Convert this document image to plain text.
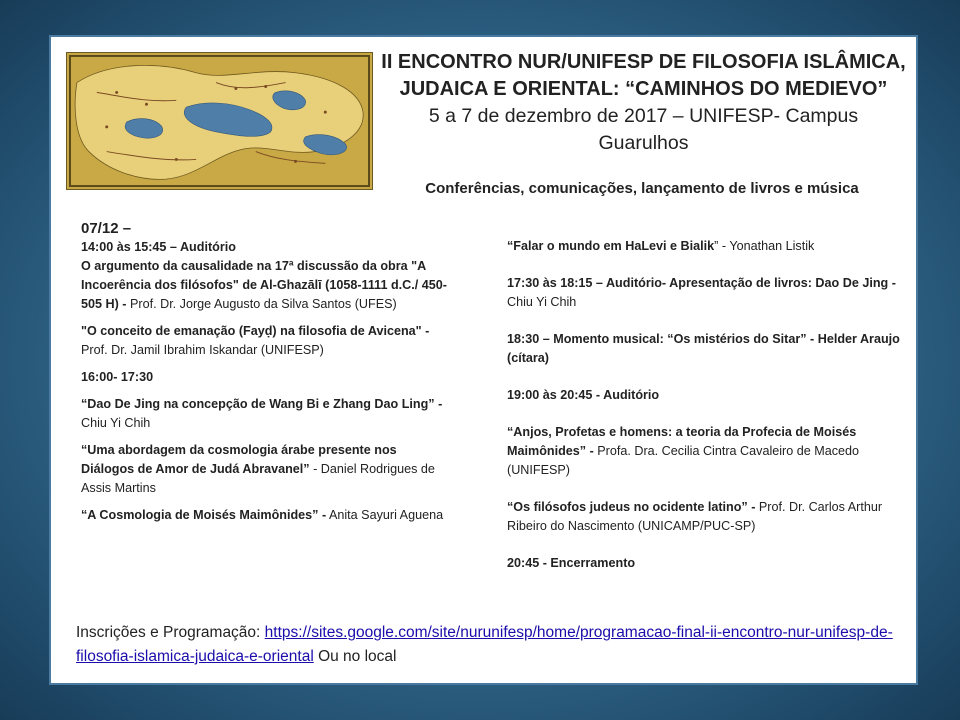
II ENCONTRO NUR/UNIFESP DE FILOSOFIA ISLÂMICA,
JUDAICA E ORIENTAL: “CAMINHOS DO MEDIEVO”
5 a 7 de dezembro de 2017 – UNIFESP- Campus
Guarulhos
Conferências, comunicações, lançamento de livros e música
07/12 –
14:00 às 15:45 – Auditório
O argumento da causalidade na 17ª discussão da obra "A Incoerência dos filósofos" de Al-Ghazālī (1058-1111 d.C./ 450-505 H) - Prof. Dr. Jorge Augusto da Silva Santos (UFES)
"O conceito de emanação (Fayḍ) na filosofia de Avicena" - Prof. Dr. Jamil Ibrahim Iskandar (UNIFESP)
16:00- 17:30
“Dao De Jing na concepção de Wang Bi e Zhang Dao Ling” - Chiu Yi Chih
“Uma abordagem da cosmologia árabe presente nos Diálogos de Amor de Judá Abravanel” - Daniel Rodrigues de Assis Martins
“A Cosmologia de Moisés Maimônides” - Anita Sayuri Aguena
“Falar o mundo em HaLevi e Bialik” - Yonathan Listik
17:30 às 18:15 – Auditório- Apresentação de livros: Dao De Jing - Chiu Yi Chih
18:30 – Momento musical: “Os mistérios do Sitar” - Helder Araujo (cítara)
19:00 às 20:45 - Auditório
“Anjos, Profetas e homens: a teoria da Profecia de Moisés Maimônides” - Profa. Dra. Cecilia Cintra Cavaleiro de Macedo (UNIFESP)
“Os filósofos judeus no ocidente latino” - Prof. Dr. Carlos Arthur Ribeiro do Nascimento (UNICAMP/PUC-SP)
20:45 - Encerramento
Inscrições e Programação: https://sites.google.com/site/nurunifesp/home/programacao-final-ii-encontro-nur-unifesp-de-filosofia-islamica-judaica-e-oriental Ou no local
